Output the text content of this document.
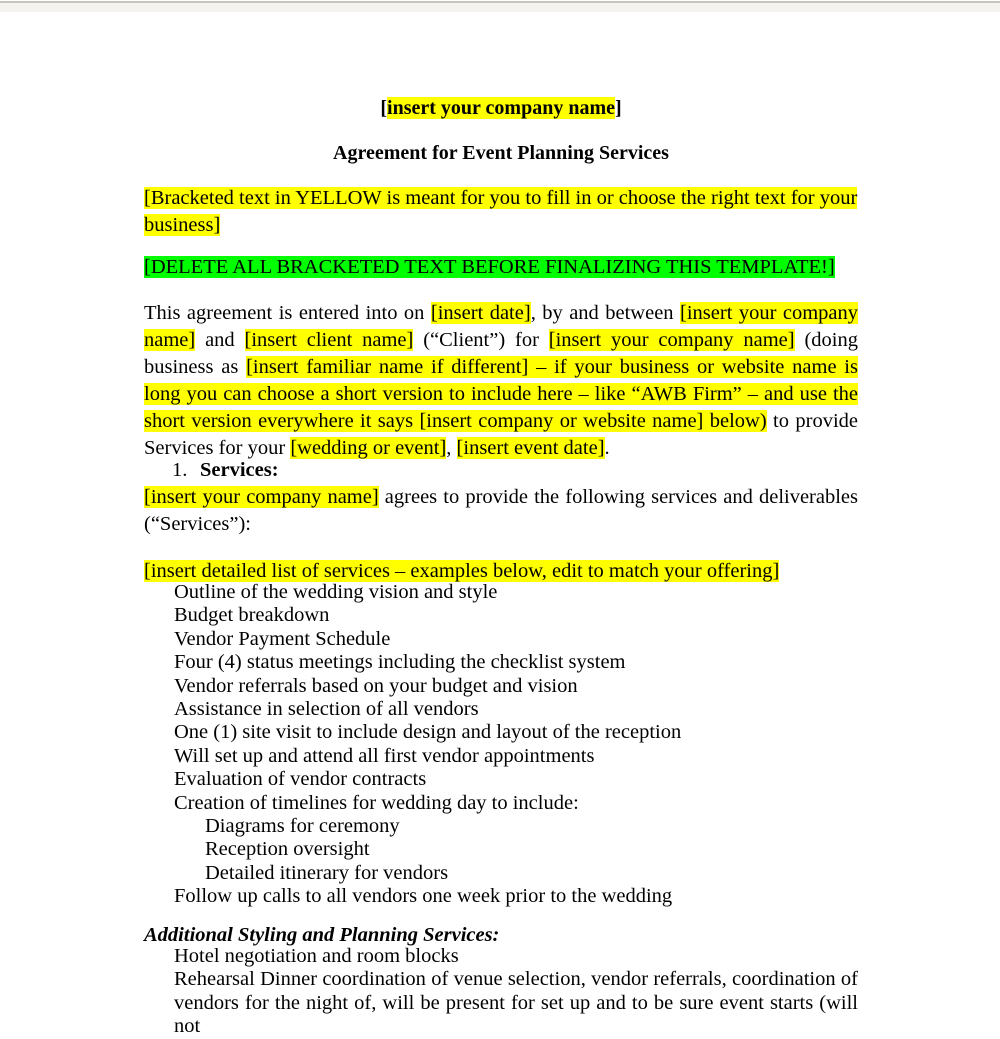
[insert your company name]
Agreement for Event Planning Services
[Bracketed text in YELLOW is meant for you to fill in or choose the right text for your business]
[DELETE ALL BRACKETED TEXT BEFORE FINALIZING THIS TEMPLATE!]
This agreement is entered into on [insert date], by and between [insert your company name] and [insert client name] (“Client”) for [insert your company name] (doing business as [insert familiar name if different] – if your business or website name is long you can choose a short version to include here – like “AWB Firm” – and use the short version everywhere it says [insert company or website name] below) to provide Services for your [wedding or event], [insert event date].
1. Services:
[insert your company name] agrees to provide the following services and deliverables (“Services”):
[insert detailed list of services – examples below, edit to match your offering]
Outline of the wedding vision and style
Budget breakdown
Vendor Payment Schedule
Four (4) status meetings including the checklist system
Vendor referrals based on your budget and vision
Assistance in selection of all vendors
One (1) site visit to include design and layout of the reception
Will set up and attend all first vendor appointments
Evaluation of vendor contracts
Creation of timelines for wedding day to include:
Diagrams for ceremony
Reception oversight
Detailed itinerary for vendors
Follow up calls to all vendors one week prior to the wedding
Additional Styling and Planning Services:
Hotel negotiation and room blocks
Rehearsal Dinner coordination of venue selection, vendor referrals, coordination of vendors for the night of, will be present for set up and to be sure event starts (will not
